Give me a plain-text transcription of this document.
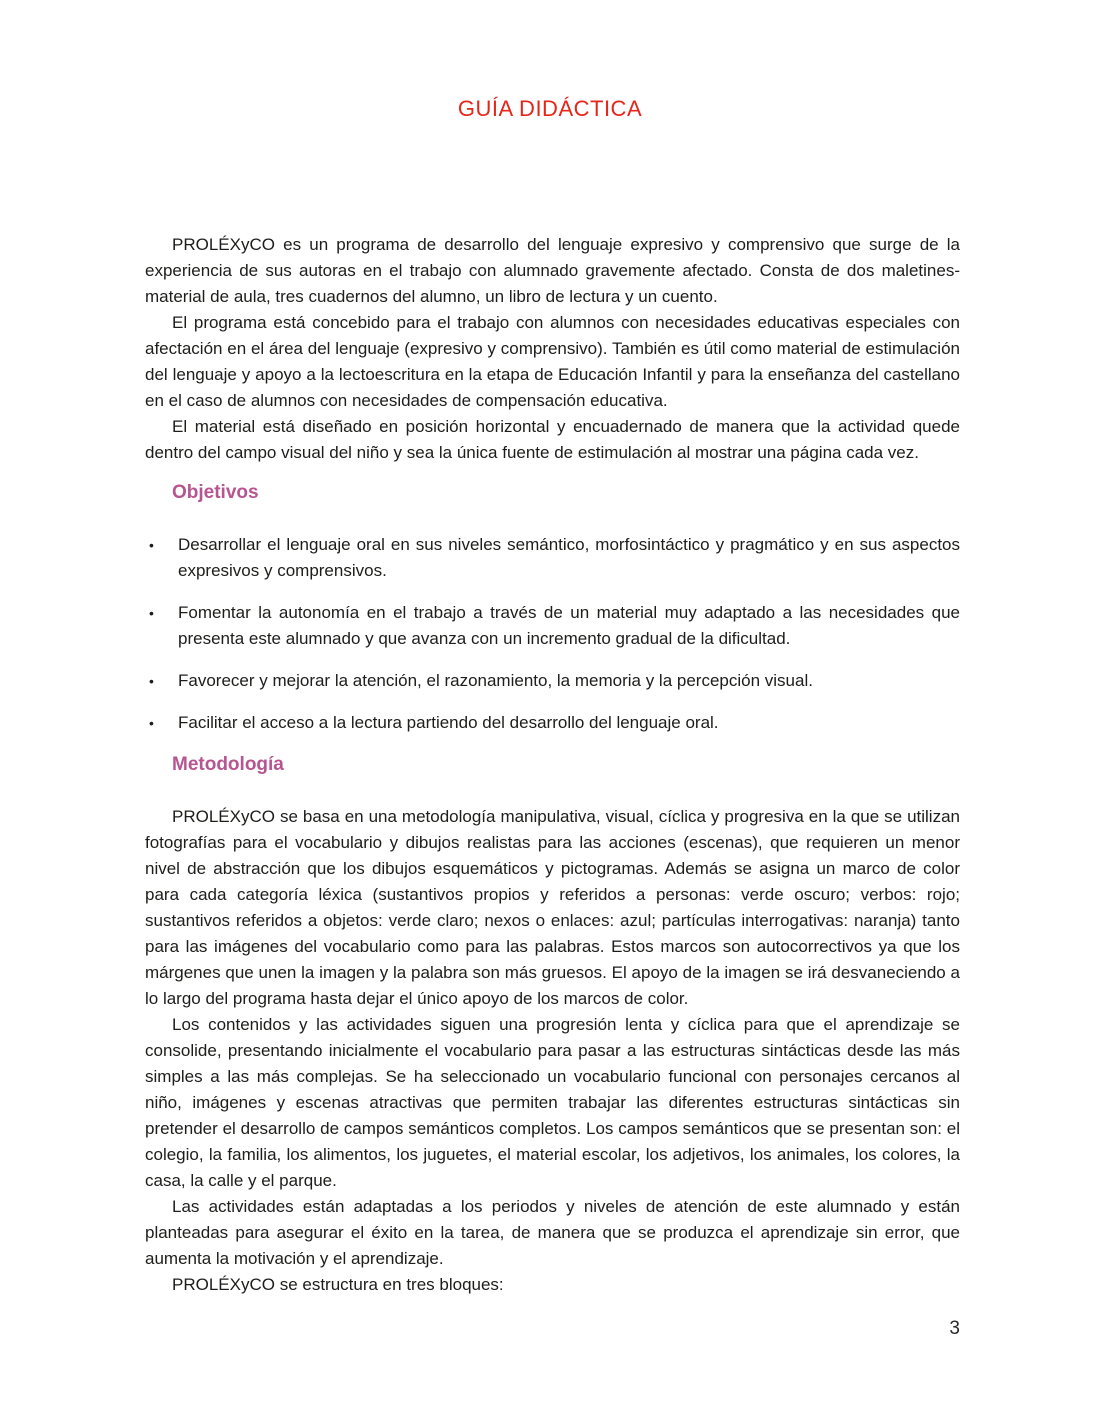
GUÍA DIDÁCTICA

PROLÉXyCO es un programa de desarrollo del lenguaje expresivo y comprensivo que surge de la experiencia de sus autoras en el trabajo con alumnado gravemente afectado. Consta de dos maletines-material de aula, tres cuadernos del alumno, un libro de lectura y un cuento.

El programa está concebido para el trabajo con alumnos con necesidades educativas especiales con afectación en el área del lenguaje (expresivo y comprensivo). También es útil como material de estimulación del lenguaje y apoyo a la lectoescritura en la etapa de Educación Infantil y para la enseñanza del castellano en el caso de alumnos con necesidades de compensación educativa.

El material está diseñado en posición horizontal y encuadernado de manera que la actividad quede dentro del campo visual del niño y sea la única fuente de estimulación al mostrar una página cada vez.

Objetivos
• Desarrollar el lenguaje oral en sus niveles semántico, morfosintáctico y pragmático y en sus aspectos expresivos y comprensivos.
• Fomentar la autonomía en el trabajo a través de un material muy adaptado a las necesidades que presenta este alumnado y que avanza con un incremento gradual de la dificultad.
• Favorecer y mejorar la atención, el razonamiento, la memoria y la percepción visual.
• Facilitar el acceso a la lectura partiendo del desarrollo del lenguaje oral.
Metodología

PROLÉXyCO se basa en una metodología manipulativa, visual, cíclica y progresiva en la que se utilizan fotografías para el vocabulario y dibujos realistas para las acciones (escenas), que requieren un menor nivel de abstracción que los dibujos esquemáticos y pictogramas. Además se asigna un marco de color para cada categoría léxica (sustantivos propios y referidos a personas: verde oscuro; verbos: rojo; sustantivos referidos a objetos: verde claro; nexos o enlaces: azul; partículas interrogativas: naranja) tanto para las imágenes del vocabulario como para las palabras. Estos marcos son autocorrectivos ya que los márgenes que unen la imagen y la palabra son más gruesos. El apoyo de la imagen se irá desvaneciendo a lo largo del programa hasta dejar el único apoyo de los marcos de color.

Los contenidos y las actividades siguen una progresión lenta y cíclica para que el aprendizaje se consolide, presentando inicialmente el vocabulario para pasar a las estructuras sintácticas desde las más simples a las más complejas. Se ha seleccionado un vocabulario funcional con personajes cercanos al niño, imágenes y escenas atractivas que permiten trabajar las diferentes estructuras sintácticas sin pretender el desarrollo de campos semánticos completos. Los campos semánticos que se presentan son: el colegio, la familia, los alimentos, los juguetes, el material escolar, los adjetivos, los animales, los colores, la casa, la calle y el parque.

Las actividades están adaptadas a los periodos y niveles de atención de este alumnado y están planteadas para asegurar el éxito en la tarea, de manera que se produzca el aprendizaje sin error, que aumenta la motivación y el aprendizaje.

PROLÉXyCO se estructura en tres bloques:

3
